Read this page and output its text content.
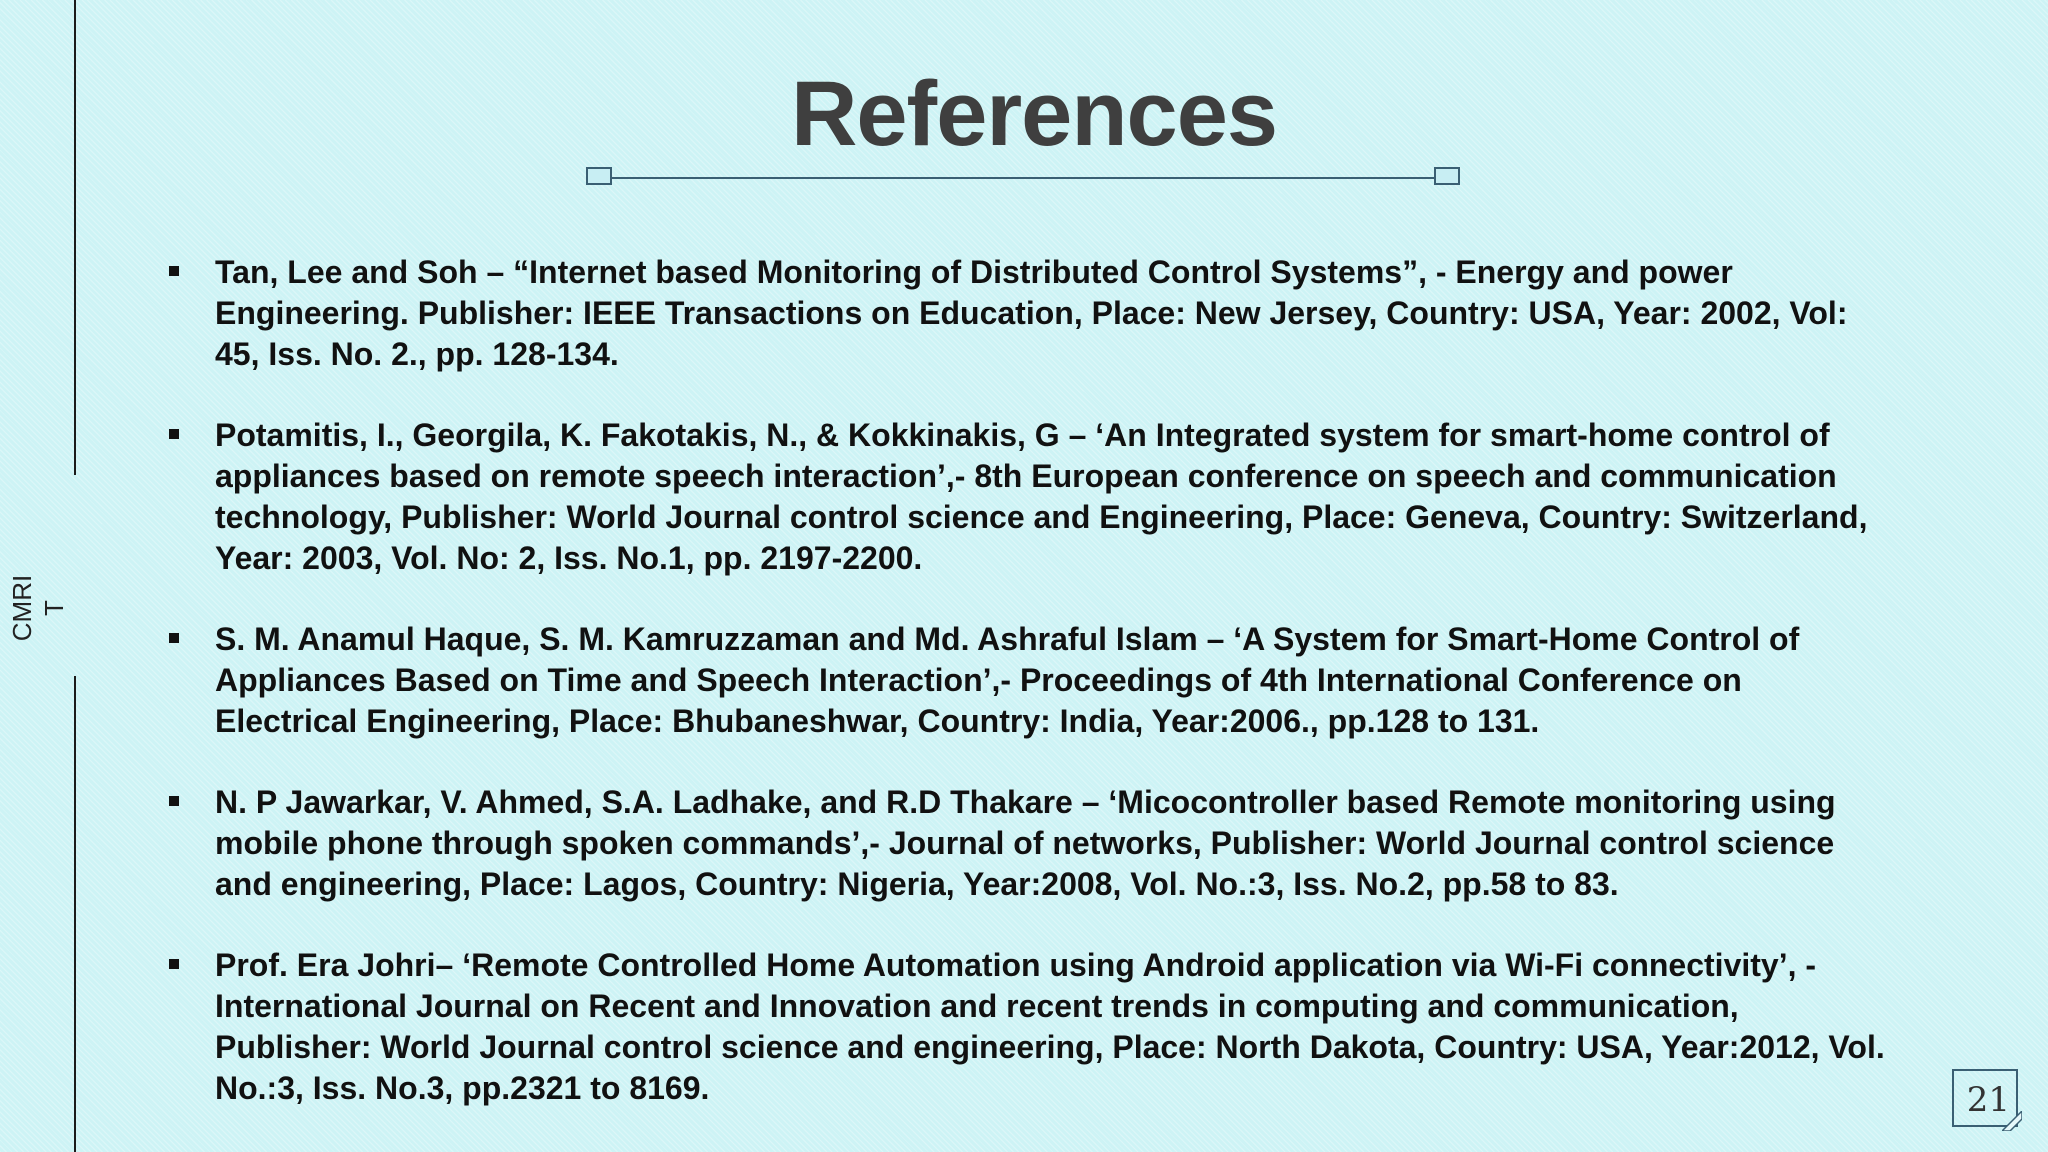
CMRI T
References
Tan, Lee and Soh – “Internet based Monitoring of Distributed Control Systems”, - Energy and power Engineering. Publisher: IEEE Transactions on Education, Place: New Jersey, Country: USA, Year: 2002, Vol: 45, Iss. No. 2., pp. 128-134.
Potamitis, I., Georgila, K. Fakotakis, N., & Kokkinakis, G – ‘An Integrated system for smart-home control of appliances based on remote speech interaction’,- 8th European conference on speech and communication technology, Publisher: World Journal control science and Engineering, Place: Geneva, Country: Switzerland, Year: 2003, Vol. No: 2, Iss. No.1, pp. 2197-2200.
S. M. Anamul Haque, S. M. Kamruzzaman and Md. Ashraful Islam – ‘A System for Smart-Home Control of Appliances Based on Time and Speech Interaction’,- Proceedings of 4th International Conference on Electrical Engineering, Place: Bhubaneshwar, Country: India, Year:2006., pp.128 to 131.
N. P Jawarkar, V. Ahmed, S.A. Ladhake, and R.D Thakare – ‘Micocontroller based Remote monitoring using mobile phone through spoken commands’,- Journal of networks, Publisher: World Journal control science and engineering, Place: Lagos, Country: Nigeria, Year:2008, Vol. No.:3, Iss. No.2, pp.58 to 83.
Prof. Era Johri– ‘Remote Controlled Home Automation using Android application via Wi-Fi connectivity’, - International Journal on Recent and Innovation and recent trends in computing and communication, Publisher: World Journal control science and engineering, Place: North Dakota, Country: USA, Year:2012, Vol. No.:3, Iss. No.3, pp.2321 to 8169.	21
